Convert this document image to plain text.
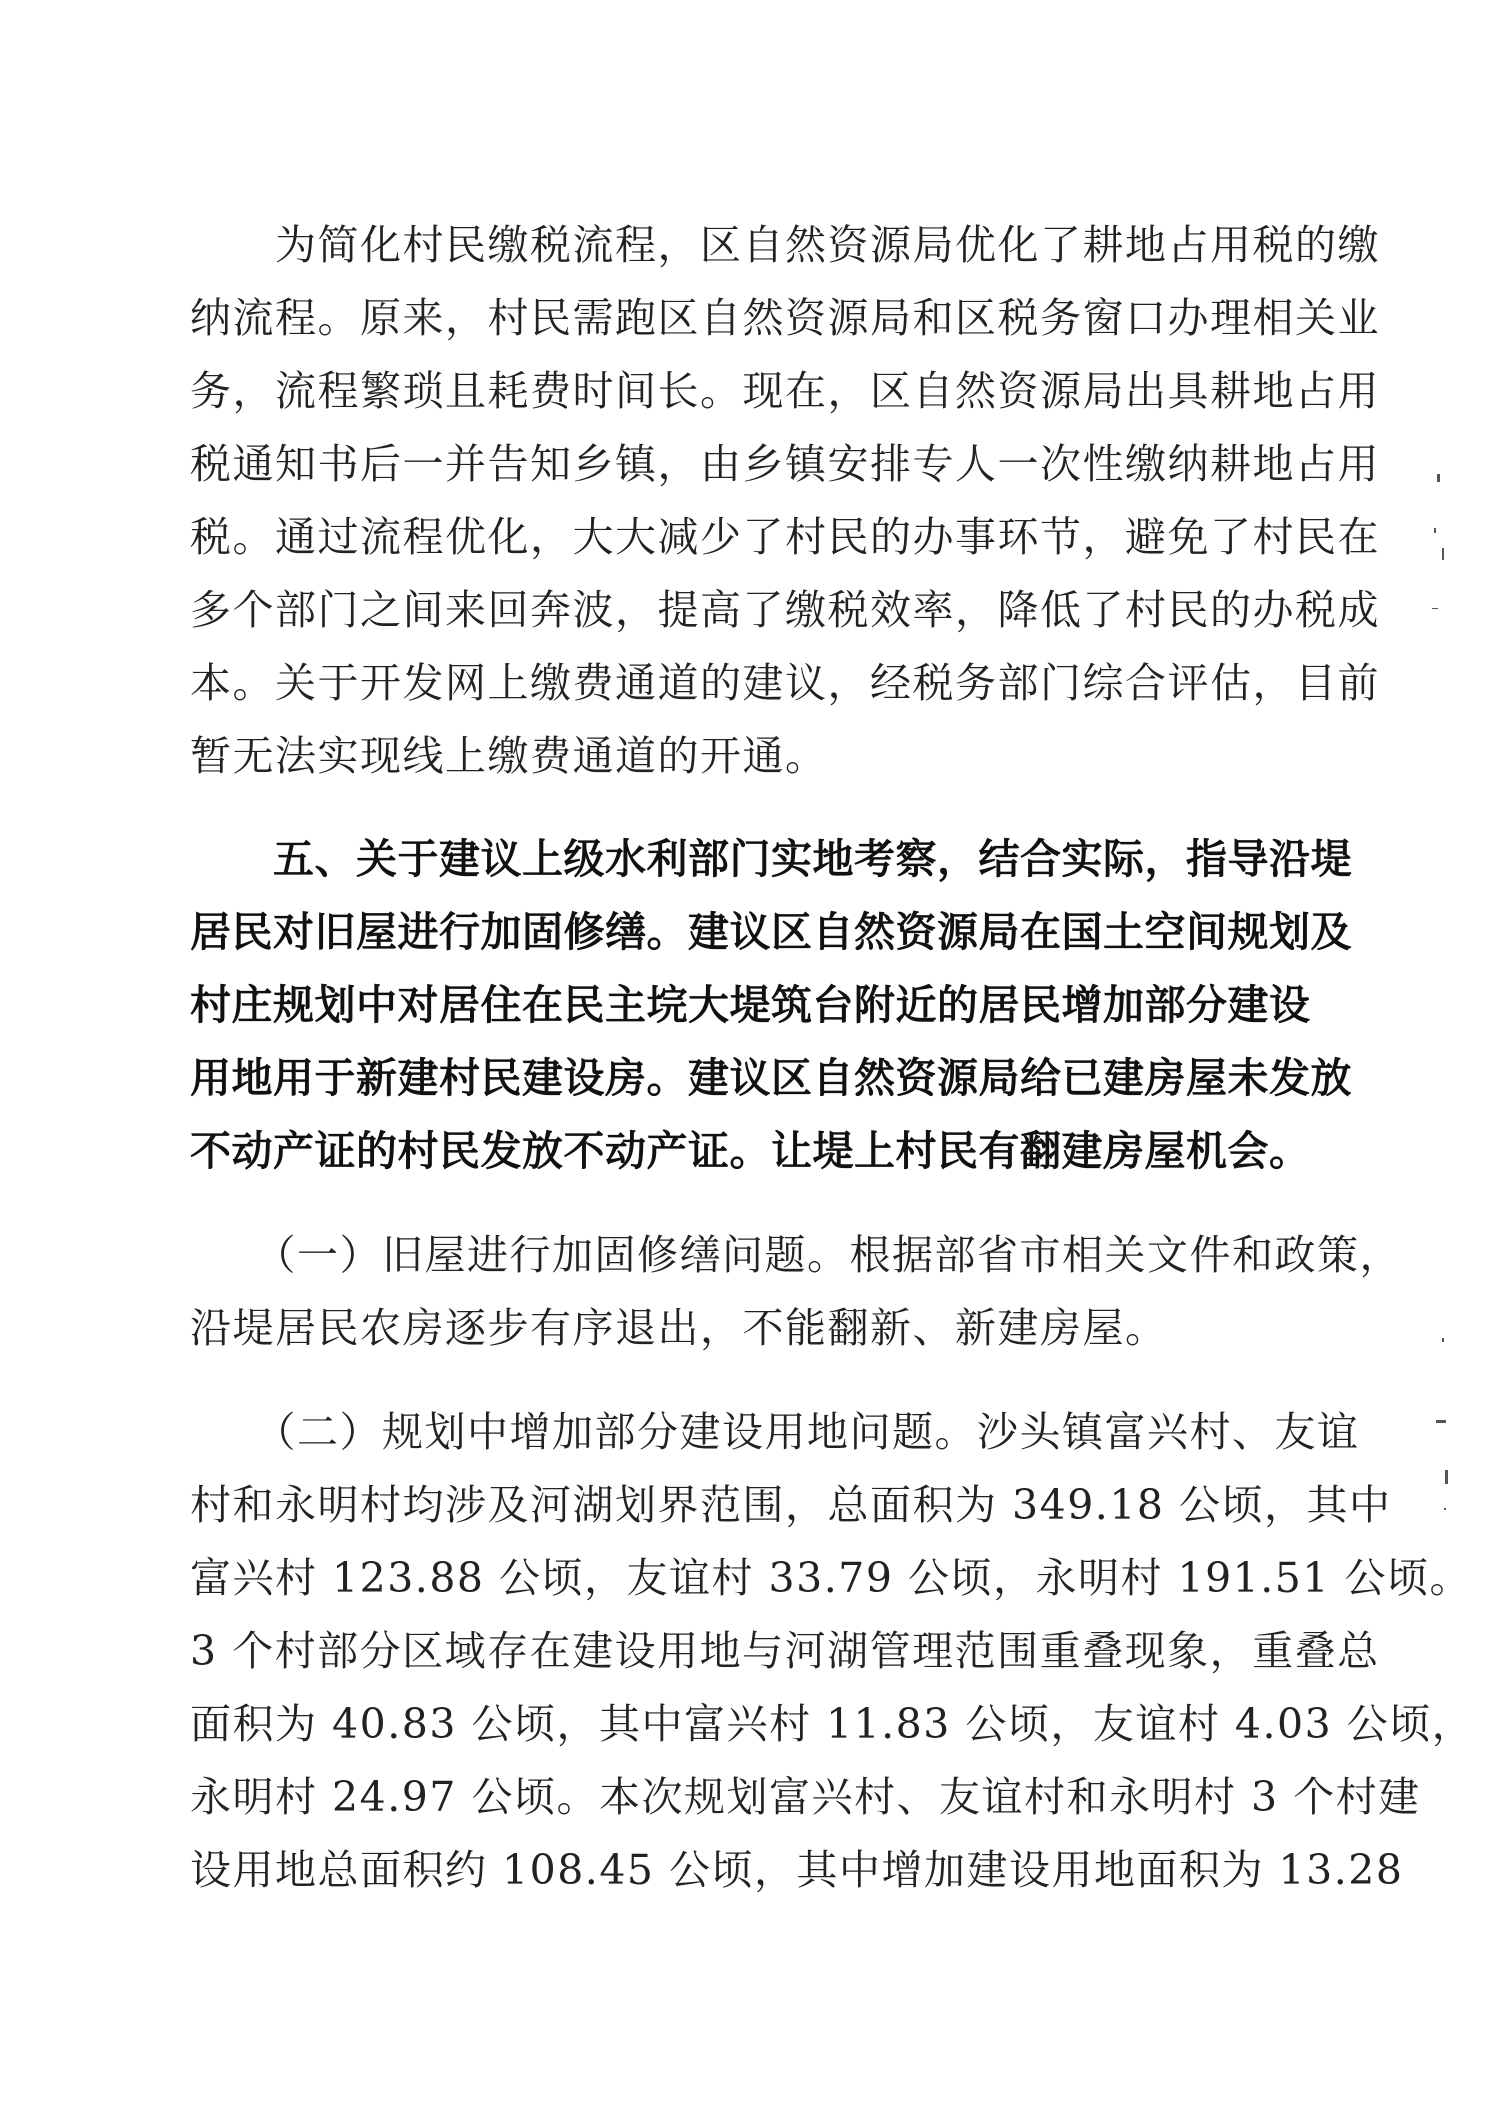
　　为简化村民缴税流程，区自然资源局优化了耕地占用税的缴
纳流程。原来，村民需跑区自然资源局和区税务窗口办理相关业
务，流程繁琐且耗费时间长。现在，区自然资源局出具耕地占用
税通知书后一并告知乡镇，由乡镇安排专人一次性缴纳耕地占用
税。通过流程优化，大大减少了村民的办事环节，避免了村民在
多个部门之间来回奔波，提高了缴税效率，降低了村民的办税成
本。关于开发网上缴费通道的建议，经税务部门综合评估，目前
暂无法实现线上缴费通道的开通。
　　五、关于建议上级水利部门实地考察，结合实际，指导沿堤
居民对旧屋进行加固修缮。建议区自然资源局在国土空间规划及
村庄规划中对居住在民主垸大堤筑台附近的居民增加部分建设
用地用于新建村民建设房。建议区自然资源局给已建房屋未发放
不动产证的村民发放不动产证。让堤上村民有翻建房屋机会。
　　（一）旧屋进行加固修缮问题。根据部省市相关文件和政策，
沿堤居民农房逐步有序退出，不能翻新、新建房屋。
　　（二）规划中增加部分建设用地问题。沙头镇富兴村、友谊
村和永明村均涉及河湖划界范围，总面积为 349.18 公顷，其中
富兴村 123.88 公顷，友谊村 33.79 公顷，永明村 191.51 公顷。
3 个村部分区域存在建设用地与河湖管理范围重叠现象，重叠总
面积为 40.83 公顷，其中富兴村 11.83 公顷，友谊村 4.03 公顷，
永明村 24.97 公顷。本次规划富兴村、友谊村和永明村 3 个村建
设用地总面积约 108.45 公顷，其中增加建设用地面积为 13.28
